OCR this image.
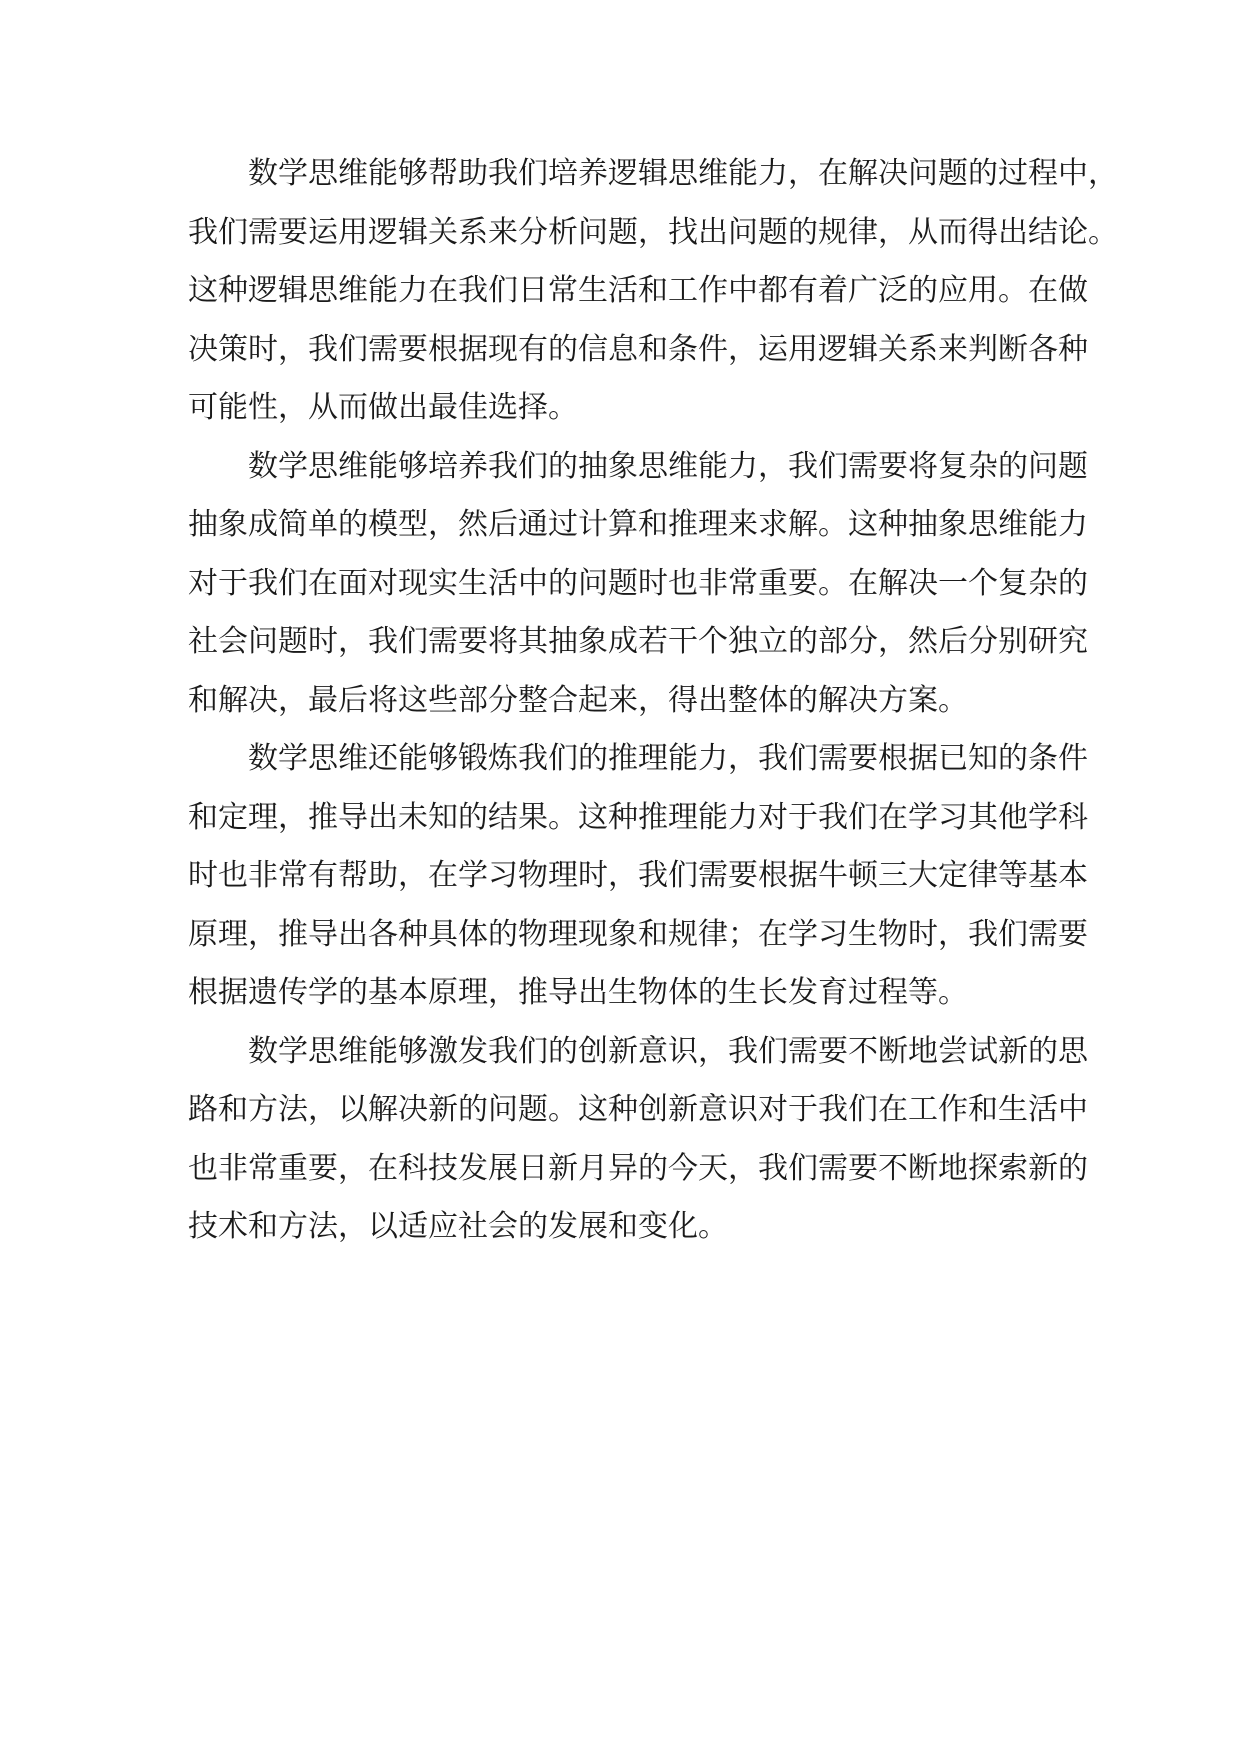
数学思维能够帮助我们培养逻辑思维能力，在解决问题的过程中，
我们需要运用逻辑关系来分析问题，找出问题的规律，从而得出结论。
这种逻辑思维能力在我们日常生活和工作中都有着广泛的应用。在做
决策时，我们需要根据现有的信息和条件，运用逻辑关系来判断各种
可能性，从而做出最佳选择。
数学思维能够培养我们的抽象思维能力，我们需要将复杂的问题
抽象成简单的模型，然后通过计算和推理来求解。这种抽象思维能力
对于我们在面对现实生活中的问题时也非常重要。在解决一个复杂的
社会问题时，我们需要将其抽象成若干个独立的部分，然后分别研究
和解决，最后将这些部分整合起来，得出整体的解决方案。
数学思维还能够锻炼我们的推理能力，我们需要根据已知的条件
和定理，推导出未知的结果。这种推理能力对于我们在学习其他学科
时也非常有帮助，在学习物理时，我们需要根据牛顿三大定律等基本
原理，推导出各种具体的物理现象和规律；在学习生物时，我们需要
根据遗传学的基本原理，推导出生物体的生长发育过程等。
数学思维能够激发我们的创新意识，我们需要不断地尝试新的思
路和方法，以解决新的问题。这种创新意识对于我们在工作和生活中
也非常重要，在科技发展日新月异的今天，我们需要不断地探索新的
技术和方法，以适应社会的发展和变化。
